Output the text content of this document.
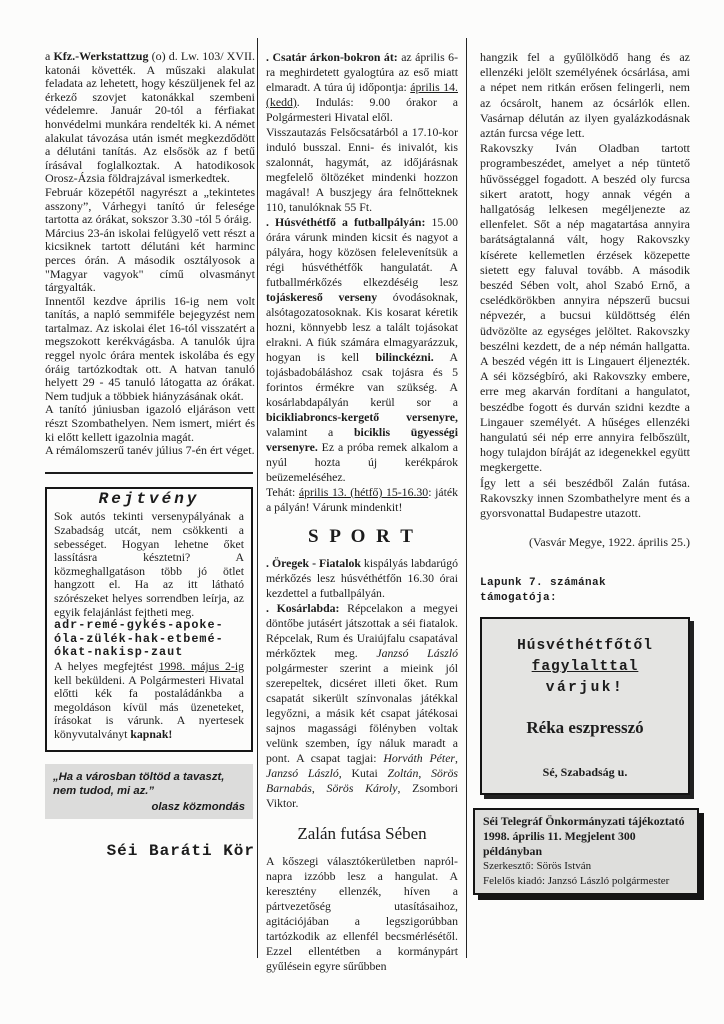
a Kfz.-Werkstattzug (o) d. Lw. 103/ XVII. katonái követték. A műszaki alakulat feladata az lehetett, hogy készüljenek fel az érkező szovjet katonákkal szembeni védelemre. Január 20-tól a férfiakat honvédelmi munkára rendelték ki. A német alakulat távozása után ismét megkezdődött a délutáni tanítás. Az elsősök az f betű írásával foglalkoztak. A hatodikosok Orosz-Ázsia földrajzával ismerkedtek.

Február közepétől nagyrészt a „tekintetes asszony”, Várhegyi tanító úr felesége tartotta az órákat, sokszor 3.30 -tól 5 óráig.

Március 23-án iskolai felügyelő vett részt a kicsiknek tartott délutáni két harminc perces órán. A második osztályosok a "Magyar vagyok" című olvasmányt tárgyalták.

Innentől kezdve április 16-ig nem volt tanítás, a napló semmiféle bejegyzést nem tartalmaz. Az iskolai élet 16-tól visszatért a megszokott kerékvágásba. A tanulók újra reggel nyolc órára mentek iskolába és egy óráig tartózkodtak ott. A hatvan tanuló helyett 29 - 45 tanuló látogatta az órákat. Nem tudjuk a többiek hiányzásának okát.

A tanító júniusban igazoló eljáráson vett részt Szombathelyen. Nem ismert, miért és ki előtt kellett igazolnia magát.

A rémálomszerű tanév július 7-én ért véget.

Rejtvény

Sok autós tekinti versenypályának a Szabadság utcát, nem csökkenti a sebességet. Hogyan lehetne őket lassításra késztetni? A közmeghallgatáson több jó ötlet hangzott el. Ha az itt látható szórészeket helyes sorrendben leírja, az egyik felajánlást fejtheti meg.

adr-remé-gykés-apoke-óla-zülék-hak-etbemé-ókat-nakisp-zaut

A helyes megfejtést 1998. május 2-ig kell beküldeni. A Polgármesteri Hivatal előtti kék fa postaládánkba a megoldáson kívül más üzeneteket, írásokat is várunk. A nyertesek könyvutalványt kapnak!

„Ha a városban töltöd a tavaszt, nem tudod, mi az.”
olasz közmondás
Séi Baráti Kör

. Csatár árkon-bokron át: az április 6-ra meghirdetett gyalogtúra az eső miatt elmaradt. A túra új időpontja: április 14. (kedd). Indulás: 9.00 órakor a Polgármesteri Hivatal elől.

Visszautazás Felsőcsatárból a 17.10-kor induló busszal. Enni- és inivalót, kis szalonnát, hagymát, az időjárásnak megfelelő öltözéket mindenki hozzon magával! A buszjegy ára felnőtteknek 110, tanulóknak 55 Ft.

. Húsvéthétfő a futballpályán: 15.00 órára várunk minden kicsit és nagyot a pályára, hogy közösen felelevenítsük a régi húsvéthétfők hangulatát. A futballmérkőzés elkezdéséig lesz tojáskereső verseny óvodásoknak, alsótagozatosoknak. Kis kosarat kéretik hozni, könnyebb lesz a talált tojásokat elrakni. A fiúk számára elmagyarázzuk, hogyan is kell bilinckézni. A tojásbadobáláshoz csak tojásra és 5 forintos érmékre van szükség. A kosárlabdapályán kerül sor a bicikliabroncs-kergető versenyre, valamint a biciklis ügyességi versenyre. Ez a próba remek alkalom a nyúl hozta új kerékpárok beüzemeléséhez.

Tehát: április 13. (hétfő) 15-16.30: játék a pályán! Várunk mindenkit!

S P O R T

. Öregek - Fiatalok kispályás labdarúgó mérkőzés lesz húsvéthétfőn 16.30 órai kezdettel a futballpályán.

. Kosárlabda: Répcelakon a megyei döntőbe jutásért játszottak a séi fiatalok. Répcelak, Rum és Uraiújfalu csapatával mérkőztek meg. Janzsó László polgármester szerint a mieink jól szerepeltek, dicséret illeti őket. Rum csapatát sikerült színvonalas játékkal legyőzni, a másik két csapat játékosai sajnos magassági fölényben voltak velünk szemben, így náluk maradt a pont. A csapat tagjai: Horváth Péter, Janzsó László, Kutai Zoltán, Sörös Barnabás, Sörös Károly, Zsombori Viktor.

Zalán futása Sében

A kőszegi választókerületben napról-napra izzóbb lesz a hangulat. A keresztény ellenzék, híven a pártvezetőség utasításaihoz, agitációjában a legszigorúbban tartózkodik az ellenfél becsmérlésétől. Ezzel ellentétben a kormánypárt gyűlésein egyre sűrűbben

hangzik fel a gyűlölködő hang és az ellenzéki jelölt személyének ócsárlása, ami a népet nem ritkán erősen felingerli, nem az ócsárolt, hanem az ócsárlók ellen. Vasárnap délután az ilyen gyalázkodásnak aztán furcsa vége lett.

Rakovszky Iván Oladban tartott programbeszédet, amelyet a nép tüntető hűvösséggel fogadott. A beszéd oly furcsa sikert aratott, hogy annak végén a hallgatóság lelkesen megéljenezte az ellenfelet. Sőt a nép magatartása annyira barátságtalanná vált, hogy Rakovszky kísérete kellemetlen érzések közepette sietett egy faluval tovább. A második beszéd Sében volt, ahol Szabó Ernő, a cselédkörökben annyira népszerű bucsui népvezér, a bucsui küldöttség élén üdvözölte az egységes jelöltet. Rakovszky beszélni kezdett, de a nép némán hallgatta. A beszéd végén itt is Lingauert éljenezték. A séi községbíró, aki Rakovszky embere, erre meg akarván fordítani a hangulatot, beszédbe fogott és durván szidni kezdte a Lingauer személyét. A hűséges ellenzéki hangulatú séi nép erre annyira felbőszült, hogy tulajdon bíráját az idegenekkel együtt megkergette.

Így lett a séi beszédből Zalán futása. Rakovszky innen Szombathelyre ment és a gyorsvonattal Budapestre utazott.

(Vasvár Megye, 1922. április 25.)
Lapunk 7. számának támogatója:
Húsvéthétfőtől
fagylalttal
várjuk!
Réka eszpresszó
Sé, Szabadság u.
Séi Telegráf Önkormányzati tájékoztató
1998. április 11. Megjelent 300 példányban
Szerkesztő: Sörös István
Felelős kiadó: Janzsó László polgármester
